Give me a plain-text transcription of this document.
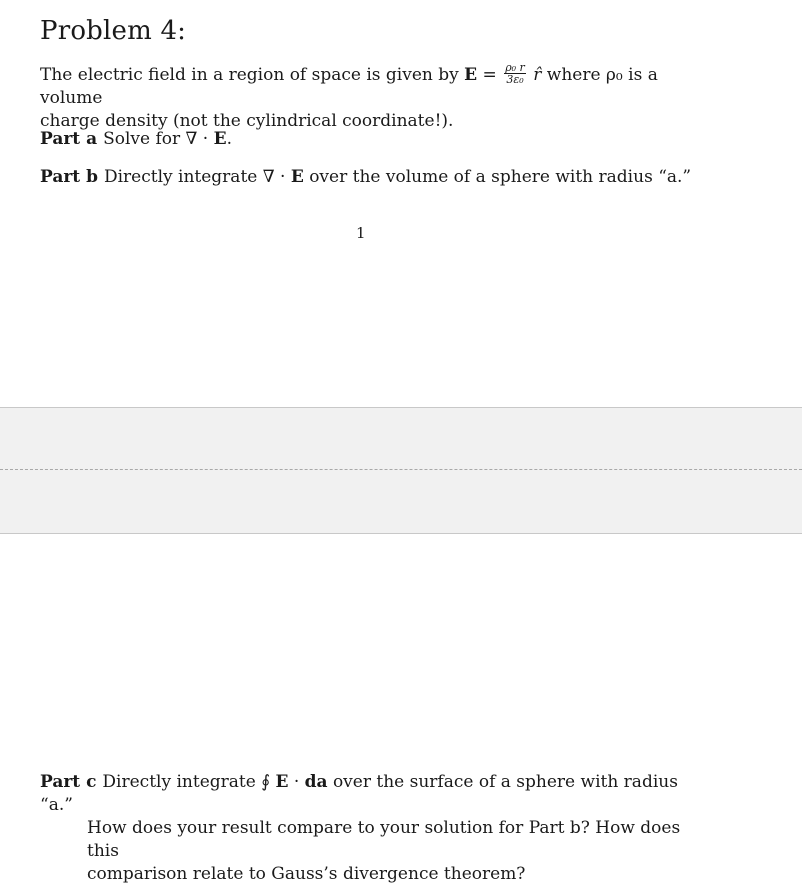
Problem 4:

The electric field in a region of space is given by $E = \frac{\text{ρ₀ r}}{\text{3ε₀}}$ r̂ where ρ₀ is a volume
charge density (not the cylindrical coordinate!).

Part a Solve for ∇ · E.

Part b Directly integrate ∇ · E over the volume of a sphere with radius “a.”

1

Part c Directly integrate ∮ E · da over the surface of a sphere with radius “a.”
How does your result compare to your solution for Part b? How does this
comparison relate to Gauss’s divergence theorem?
